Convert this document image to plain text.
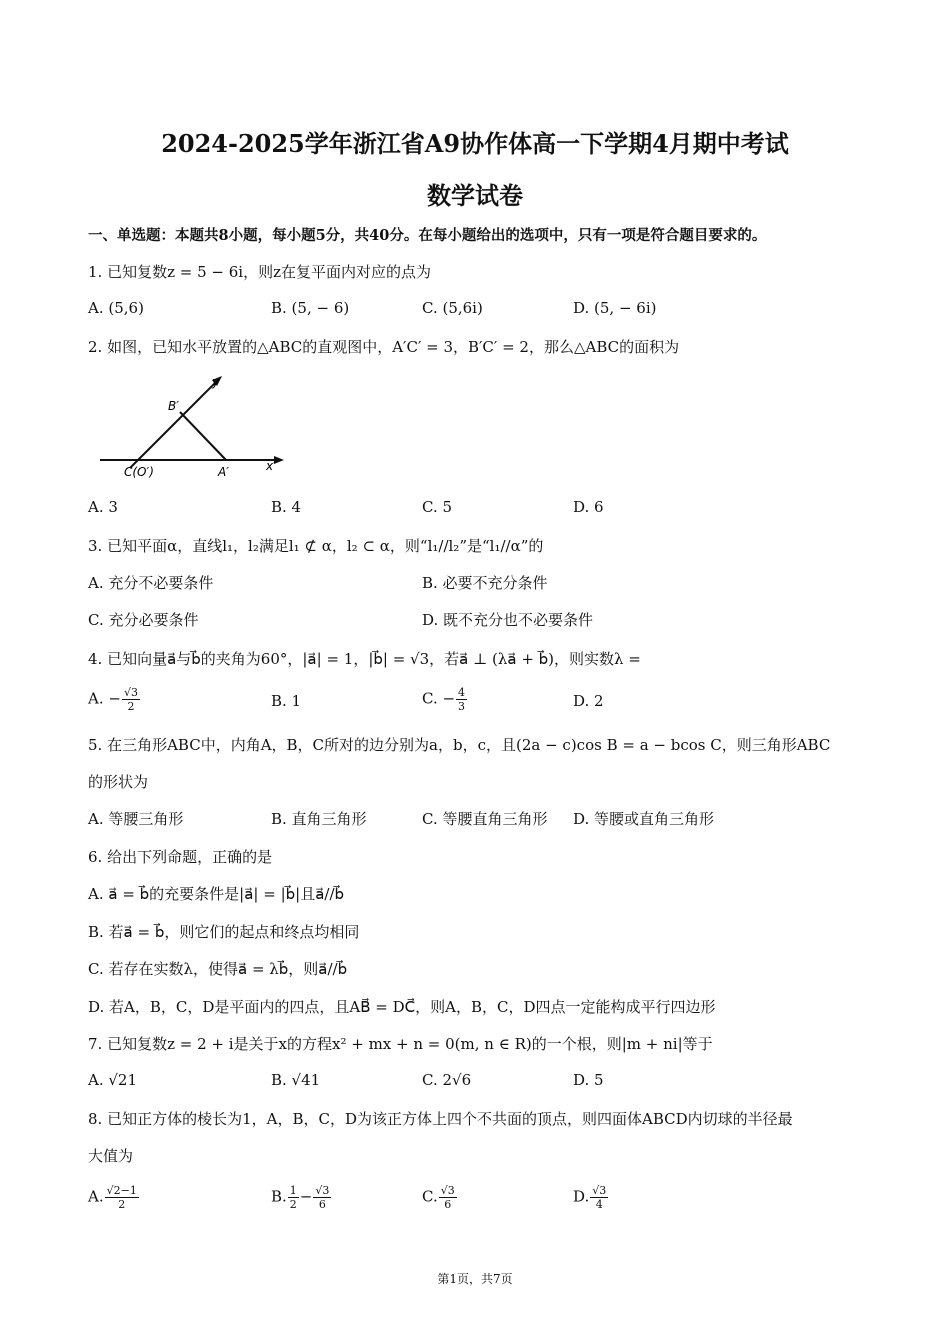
2024-2025学年浙江省A9协作体高一下学期4月期中考试
数学试卷
一、单选题：本题共8小题，每小题5分，共40分。在每小题给出的选项中，只有一项是符合题目要求的。
1. 已知复数z = 5 − 6i，则z在复平面内对应的点为
A. (5,6)	B. (5, − 6)	C. (5,6i)	D. (5, − 6i)
2. 如图，已知水平放置的△ABC的直观图中，A′C′ = 3，B′C′ = 2，那么△ABC的面积为
B′
y′
C(O′)	A′	x′
A. 3	B. 4	C. 5	D. 6
3. 已知平面α，直线l₁，l₂满足l₁ ⊄ α，l₂ ⊂ α，则“l₁//l₂”是“l₁//α”的
A. 充分不必要条件	B. 必要不充分条件
C. 充分必要条件	D. 既不充分也不必要条件
4. 已知向量a⃗与b⃗的夹角为60°，|a⃗| = 1，|b⃗| = √3，若a⃗ ⊥ (λa⃗ + b⃗)，则实数λ =
A. − $\frac{√3}{2}$	B. 1	C. − $\frac{4}{3}$	D. 2
5. 在三角形ABC中，内角A，B，C所对的边分别为a，b，c，且(2a − c)cos B = a − bcos C，则三角形ABC
的形状为
A. 等腰三角形	B. 直角三角形	C. 等腰直角三角形 D. 等腰或直角三角形
6. 给出下列命题，正确的是
A. a⃗ = b⃗的充要条件是|a⃗| = |b⃗|且a⃗//b⃗
B. 若a⃗ = b⃗，则它们的起点和终点均相同
C. 若存在实数λ，使得a⃗ = λb⃗，则a⃗//b⃗
D. 若A，B，C，D是平面内的四点，且AB⃗ = DC⃗，则A，B，C，D四点一定能构成平行四边形
7. 已知复数z = 2 + i是关于x的方程x² + mx + n = 0(m, n ∈ R)的一个根，则|m + ni|等于
A. √21	B. √41	C. 2√6	D. 5
8. 已知正方体的棱长为1，A，B，C，D为该正方体上四个不共面的顶点，则四面体ABCD内切球的半径最
大值为
A. $\frac{√2-1}{2}$	B. $\frac{1}{2} - \frac{√3}{6}$	C. $\frac{√3}{6}$	D. $\frac{√3}{4}$
第1页，共7页
